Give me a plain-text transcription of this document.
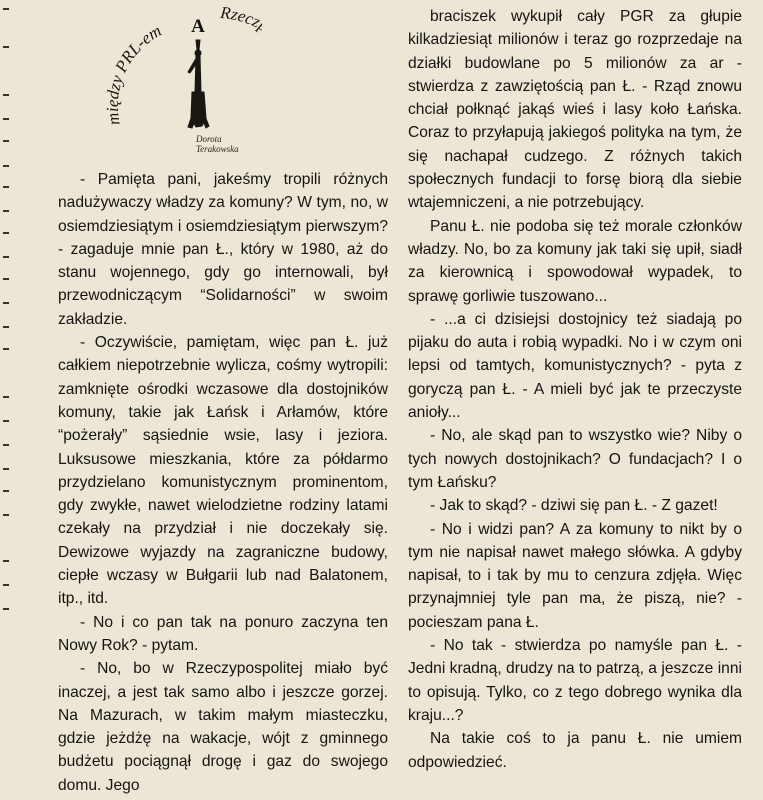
między PRL-em
Rzec
A
Dorota
Terakowska

- Pamięta pani, jakeśmy tropili różnych nadużywaczy władzy za komuny? W tym, no, w osiemdziesiątym i osiemdziesiątym pierwszym? - zagaduje mnie pan Ł., który w 1980, aż do stanu wojennego, gdy go internowali, był przewodniczącym “Solidarności” w swoim zakładzie.

- Oczywiście, pamiętam, więc pan Ł. już całkiem niepotrzebnie wylicza, cośmy wytropili: zamknięte ośrodki wczasowe dla dostojników komuny, takie jak Łańsk i Arłamów, które “pożerały” sąsiednie wsie, lasy i jeziora. Luksusowe mieszkania, które za półdarmo przydzielano komunistycznym prominentom, gdy zwykłe, nawet wielodzietne rodziny latami czekały na przydział i nie doczekały się. Dewizowe wyjazdy na zagraniczne budowy, ciepłe wczasy w Bułgarii lub nad Balatonem, itp., itd.

- No i co pan tak na ponuro zaczyna ten Nowy Rok? - pytam.

- No, bo w Rzeczypospolitej miało być inaczej, a jest tak samo albo i jeszcze gorzej. Na Mazurach, w takim małym miasteczku, gdzie jeżdżę na wakacje, wójt z gminnego budżetu pociągnął drogę i gaz do swojego domu. Jego

braciszek wykupił cały PGR za głupie kilkadziesiąt milionów i teraz go rozprzedaje na działki budowlane po 5 milionów za ar - stwierdza z zawziętością pan Ł. - Rząd znowu chciał połknąć jakąś wieś i lasy koło Łańska. Coraz to przyłapują jakiegoś polityka na tym, że się nachapał cudzego. Z różnych takich społecznych fundacji to forsę biorą dla siebie wtajemniczeni, a nie potrzebujący.

Panu Ł. nie podoba się też morale członków władzy. No, bo za komuny jak taki się upił, siadł za kierownicą i spowodował wypadek, to sprawę gorliwie tuszowano...

- ...a ci dzisiejsi dostojnicy też siadają po pijaku do auta i robią wypadki. No i w czym oni lepsi od tamtych, komunistycznych? - pyta z goryczą pan Ł. - A mieli być jak te przeczyste anioły...

- No, ale skąd pan to wszystko wie? Niby o tych nowych dostojnikach? O fundacjach? I o tym Łańsku?

- Jak to skąd? - dziwi się pan Ł. - Z gazet!

- No i widzi pan? A za komuny to nikt by o tym nie napisał nawet małego słówka. A gdyby napisał, to i tak by mu to cenzura zdjęła. Więc przynajmniej tyle pan ma, że piszą, nie? - pocieszam pana Ł.

- No tak - stwierdza po namyśle pan Ł. - Jedni kradną, drudzy na to patrzą, a jeszcze inni to opisują. Tylko, co z tego dobrego wynika dla kraju...?

Na takie coś to ja panu Ł. nie umiem odpowiedzieć.
